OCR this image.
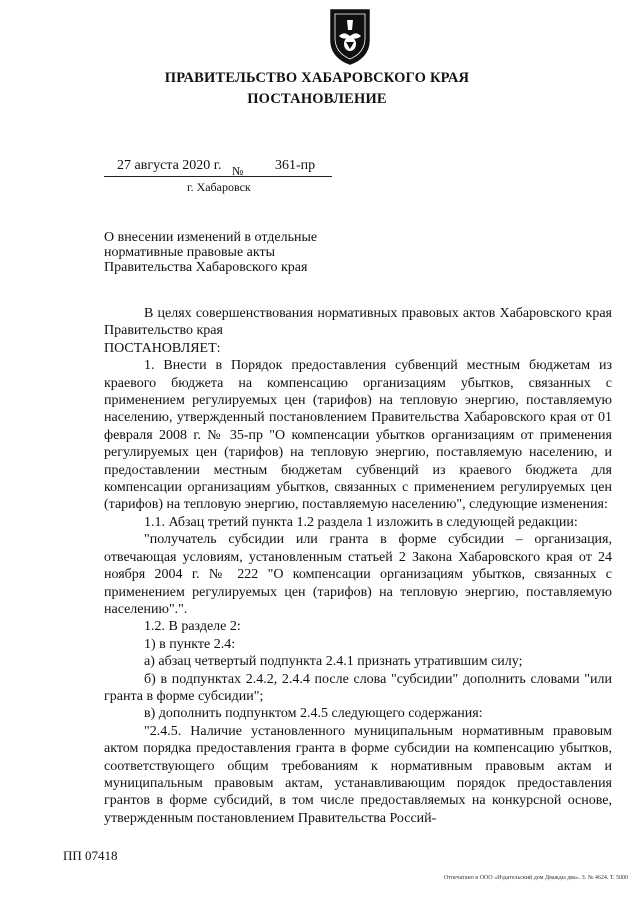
ПРАВИТЕЛЬСТВО ХАБАРОВСКОГО КРАЯ
ПОСТАНОВЛЕНИЕ
27 августа 2020 г. № 361-пр
г. Хабаровск
О внесении изменений в отдельные нормативные правовые акты Правительства Хабаровского края

В целях совершенствования нормативных правовых актов Хабаровского края Правительство края

ПОСТАНОВЛЯЕТ:

1. Внести в Порядок предоставления субвенций местным бюджетам из краевого бюджета на компенсацию организациям убытков, связанных с применением регулируемых цен (тарифов) на тепловую энергию, поставляемую населению, утвержденный постановлением Правительства Хабаровского края от 01 февраля 2008 г. № 35-пр "О компенсации убытков организациям от применения регулируемых цен (тарифов) на тепловую энергию, поставляемую населению, и предоставлении местным бюджетам субвенций из краевого бюджета для компенсации организациям убытков, связанных с применением регулируемых цен (тарифов) на тепловую энергию, поставляемую населению", следующие изменения:

1.1. Абзац третий пункта 1.2 раздела 1 изложить в следующей редакции:

"получатель субсидии или гранта в форме субсидии – организация, отвечающая условиям, установленным статьей 2 Закона Хабаровского края от 24 ноября 2004 г. № 222 "О компенсации организациям убытков, связанных с применением регулируемых цен (тарифов) на тепловую энергию, поставляемую населению".".

1.2. В разделе 2:

1) в пункте 2.4:

а) абзац четвертый подпункта 2.4.1 признать утратившим силу;

б) в подпунктах 2.4.2, 2.4.4 после слова "субсидии" дополнить словами "или гранта в форме субсидии";

в) дополнить подпунктом 2.4.5 следующего содержания:

"2.4.5. Наличие установленного муниципальным нормативным правовым актом порядка предоставления гранта в форме субсидии на компенсацию убытков, соответствующего общим требованиям к нормативным правовым актам и муниципальным правовым актам, устанавливающим порядок предоставления грантов в форме субсидий, в том числе предоставляемых на конкурсной основе, утвержденным постановлением Правительства Россий-

ПП 07418
Отпечатано в ООО «Издательский дом Дважды два». З. № 4624. Т. 5000
